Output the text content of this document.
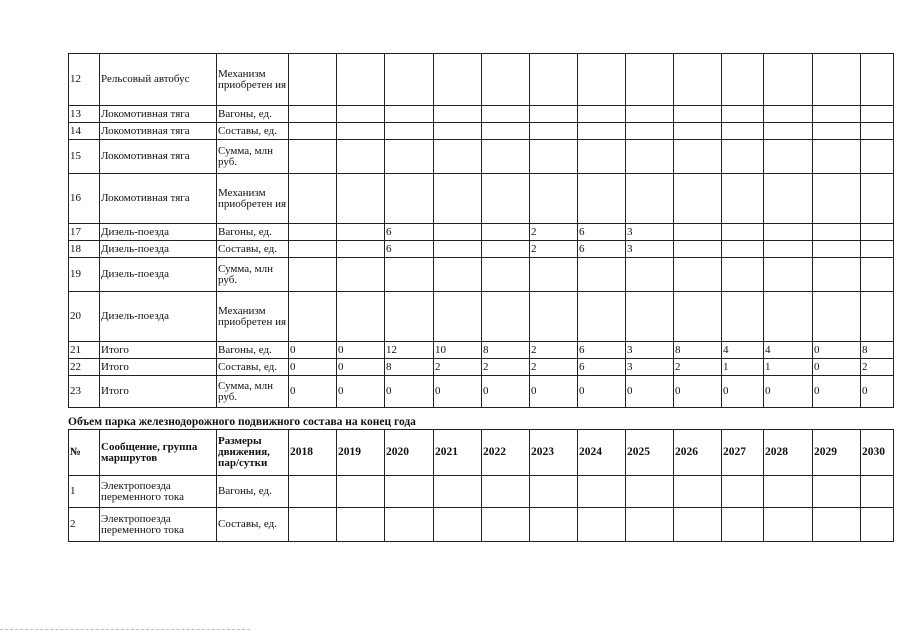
12	Рельсовый автобус	Механизм приобретен ия													
13	Локомотивная тяга	Вагоны, ед.													
14	Локомотивная тяга	Составы, ед.													
15	Локомотивная тяга	Сумма, млн руб.													
16	Локомотивная тяга	Механизм приобретен ия													
17	Дизель-поезда	Вагоны, ед.			6			2	6	3					
18	Дизель-поезда	Составы, ед.			6			2	6	3					
19	Дизель-поезда	Сумма, млн руб.													
20	Дизель-поезда	Механизм приобретен ия													
21	Итого	Вагоны, ед.	0	0	12	10	8	2	6	3	8	4	4	0	8
22	Итого	Составы, ед.	0	0	8	2	2	2	6	3	2	1	1	0	2
23	Итого	Сумма, млн руб.	0	0	0	0	0	0	0	0	0	0	0	0	0
Объем парка железнодорожного подвижного состава на конец года
№	Сообщение, группа маршрутов	Размеры движения, пар/сутки	2018	2019	2020	2021	2022	2023	2024	2025	2026	2027	2028	2029	2030
1	Электропоезда переменного тока	Вагоны, ед.													
2	Электропоезда переменного тока	Составы, ед.													
